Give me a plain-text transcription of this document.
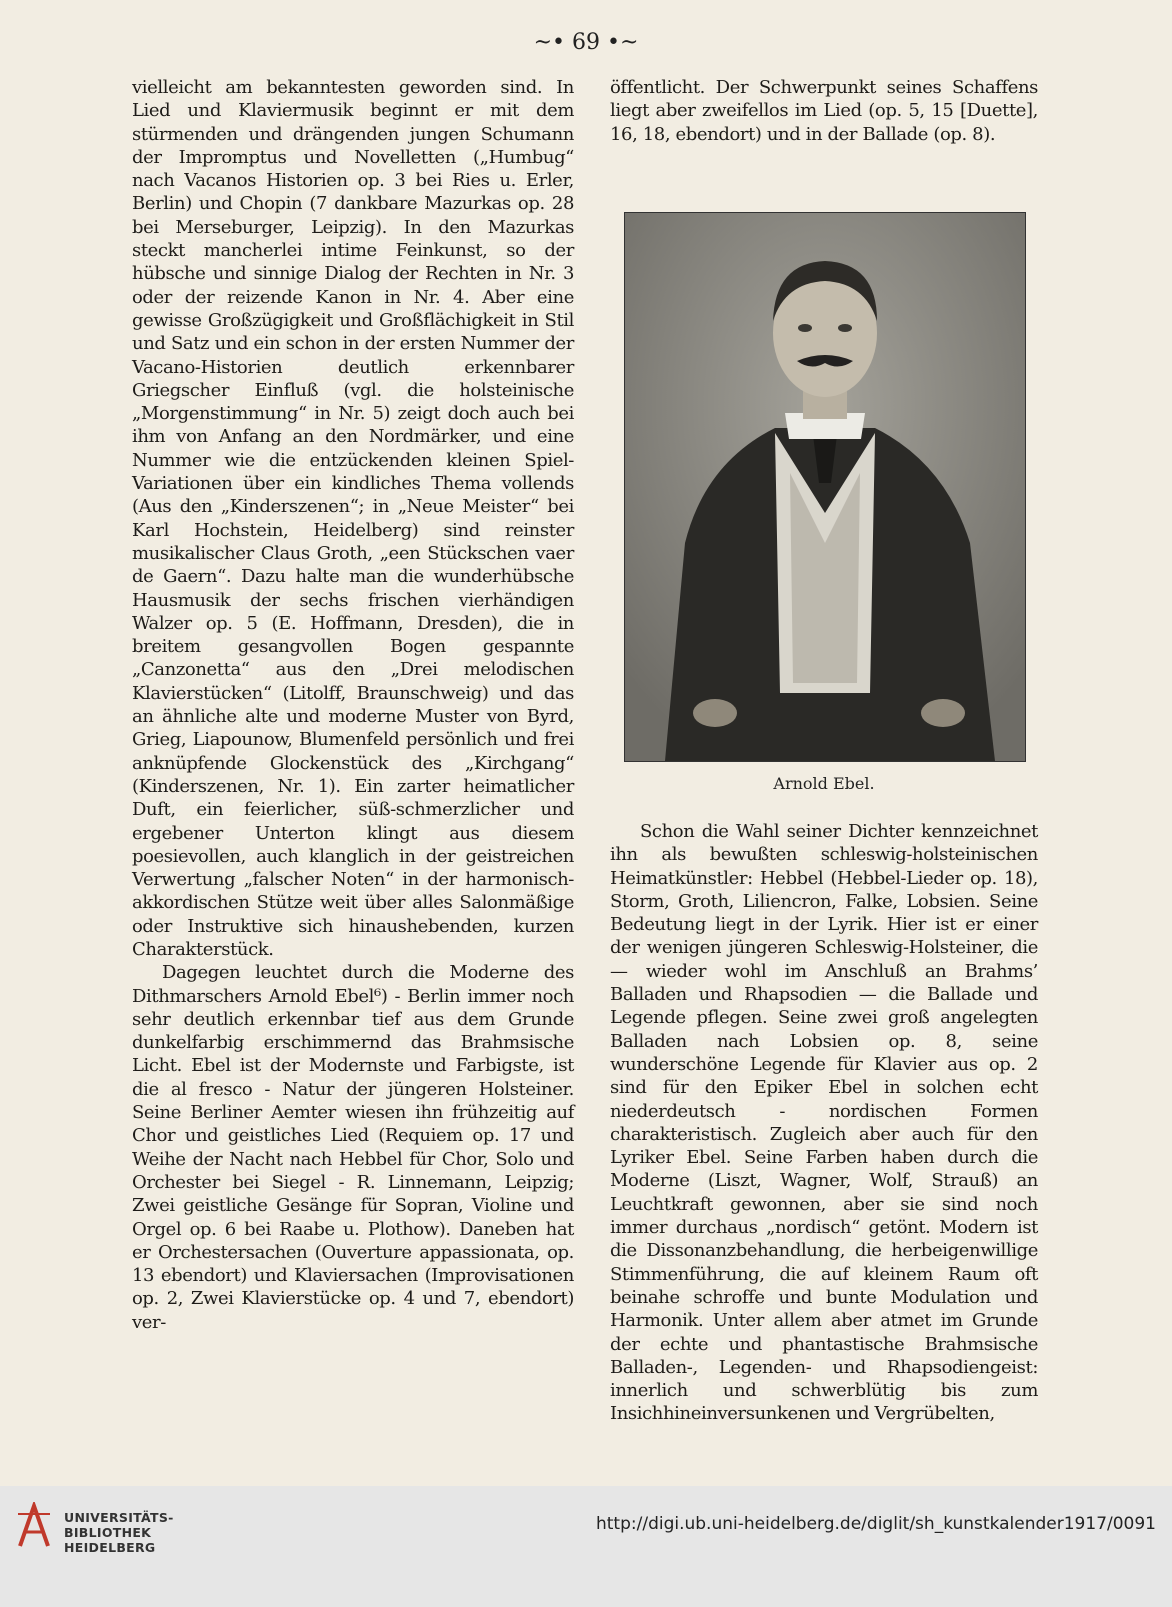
~• 69 •~

vielleicht am bekanntesten geworden sind. In Lied und Klaviermusik beginnt er mit dem stürmenden und drängenden jungen Schumann der Impromptus und Novelletten („Humbug“ nach Vacanos Historien op. 3 bei Ries u. Erler, Berlin) und Chopin (7 dankbare Mazurkas op. 28 bei Merseburger, Leipzig). In den Mazurkas steckt mancherlei intime Feinkunst, so der hübsche und sinnige Dialog der Rechten in Nr. 3 oder der reizende Kanon in Nr. 4. Aber eine gewisse Großzügigkeit und Großflächigkeit in Stil und Satz und ein schon in der ersten Nummer der Vacano-Historien deutlich erkennbarer Griegscher Einfluß (vgl. die holsteinische „Morgenstimmung“ in Nr. 5) zeigt doch auch bei ihm von Anfang an den Nordmärker, und eine Nummer wie die entzückenden kleinen Spiel-Variationen über ein kindliches Thema vollends (Aus den „Kinderszenen“; in „Neue Meister“ bei Karl Hochstein, Heidelberg) sind reinster musikalischer Claus Groth, „een Stückschen vaer de Gaern“. Dazu halte man die wunderhübsche Hausmusik der sechs frischen vierhändigen Walzer op. 5 (E. Hoffmann, Dresden), die in breitem gesangvollen Bogen gespannte „Canzonetta“ aus den „Drei melodischen Klavierstücken“ (Litolff, Braunschweig) und das an ähnliche alte und moderne Muster von Byrd, Grieg, Liapounow, Blumenfeld persönlich und frei anknüpfende Glockenstück des „Kirchgang“ (Kinderszenen, Nr. 1). Ein zarter heimatlicher Duft, ein feierlicher, süß-schmerzlicher und ergebener Unterton klingt aus diesem poesievollen, auch klanglich in der geistreichen Verwertung „falscher Noten“ in der harmonisch-akkordischen Stütze weit über alles Salonmäßige oder Instruktive sich hinaushebenden, kurzen Charakterstück.

Dagegen leuchtet durch die Moderne des Dithmarschers Arnold Ebel⁶) - Berlin immer noch sehr deutlich erkennbar tief aus dem Grunde dunkelfarbig erschimmernd das Brahmsische Licht. Ebel ist der Modernste und Farbigste, ist die al fresco - Natur der jüngeren Holsteiner. Seine Berliner Aemter wiesen ihn frühzeitig auf Chor und geistliches Lied (Requiem op. 17 und Weihe der Nacht nach Hebbel für Chor, Solo und Orchester bei Siegel - R. Linnemann, Leipzig; Zwei geistliche Gesänge für Sopran, Violine und Orgel op. 6 bei Raabe u. Plothow). Daneben hat er Orchestersachen (Ouverture appassionata, op. 13 ebendort) und Klaviersachen (Improvisationen op. 2, Zwei Klavierstücke op. 4 und 7, ebendort) ver-

öffentlicht. Der Schwerpunkt seines Schaffens liegt aber zweifellos im Lied (op. 5, 15 [Duette], 16, 18, ebendort) und in der Ballade (op. 8).

Arnold Ebel.

Schon die Wahl seiner Dichter kennzeichnet ihn als bewußten schleswig-holsteinischen Heimatkünstler: Hebbel (Hebbel-Lieder op. 18), Storm, Groth, Liliencron, Falke, Lobsien. Seine Bedeutung liegt in der Lyrik. Hier ist er einer der wenigen jüngeren Schleswig-Holsteiner, die — wieder wohl im Anschluß an Brahms’ Balladen und Rhapsodien — die Ballade und Legende pflegen. Seine zwei groß angelegten Balladen nach Lobsien op. 8, seine wunderschöne Legende für Klavier aus op. 2 sind für den Epiker Ebel in solchen echt niederdeutsch - nordischen Formen charakteristisch. Zugleich aber auch für den Lyriker Ebel. Seine Farben haben durch die Moderne (Liszt, Wagner, Wolf, Strauß) an Leuchtkraft gewonnen, aber sie sind noch immer durchaus „nordisch“ getönt. Modern ist die Dissonanzbehandlung, die herbeigenwillige Stimmenführung, die auf kleinem Raum oft beinahe schroffe und bunte Modulation und Harmonik. Unter allem aber atmet im Grunde der echte und phantastische Brahmsische Balladen-, Legenden- und Rhapsodiengeist: innerlich und schwerblütig bis zum Insichhineinversunkenen und Vergrübelten,

UNIVERSITÄTS-
BIBLIOTHEK
HEIDELBERG
http://digi.ub.uni-heidelberg.de/diglit/sh_kunstkalender1917/0091
